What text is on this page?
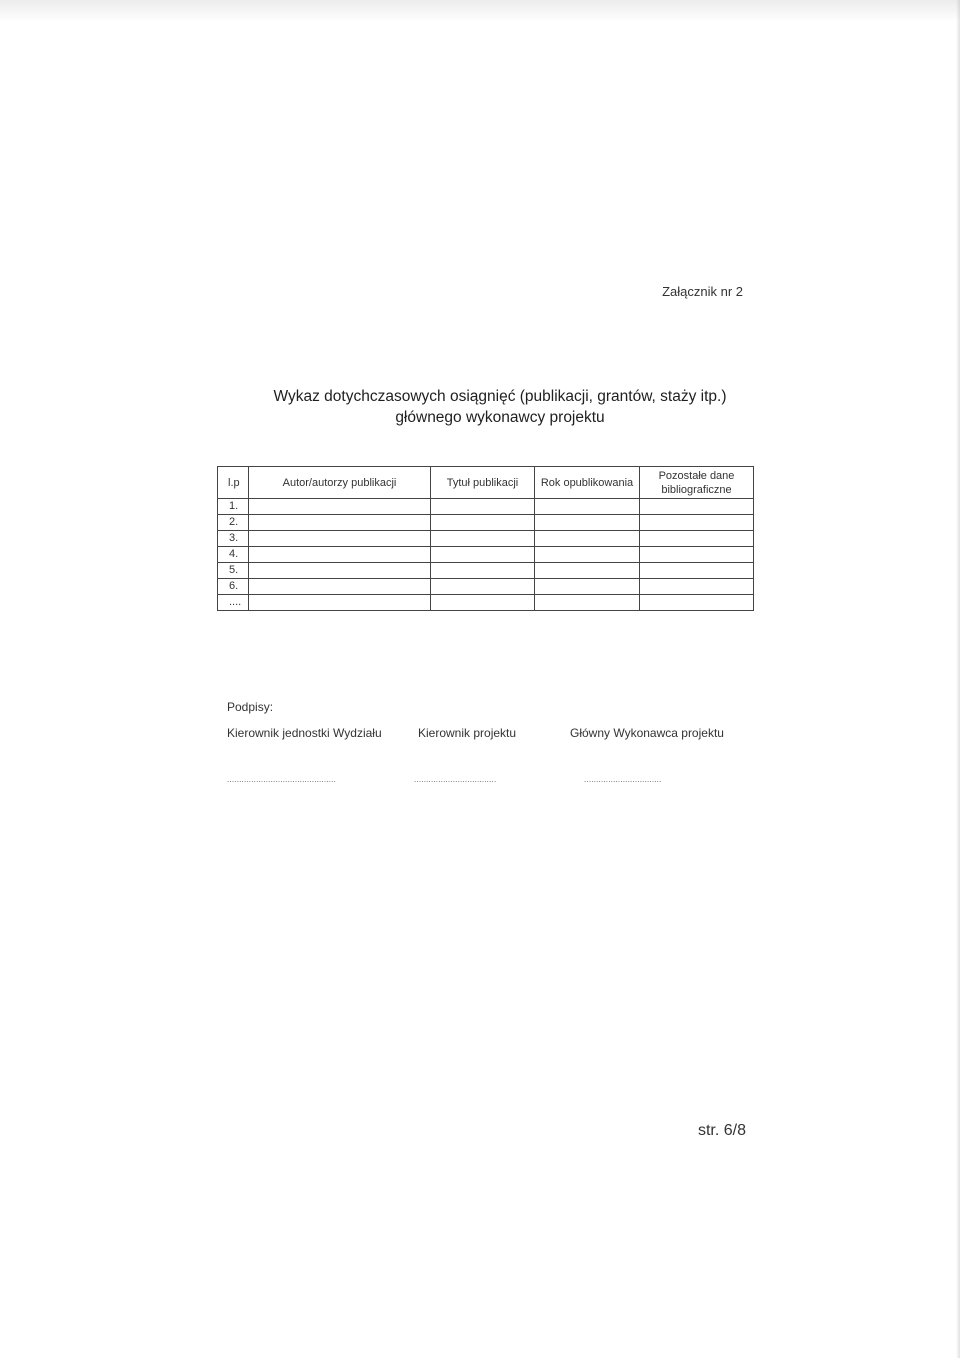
Załącznik nr 2
Wykaz dotychczasowych osiągnięć (publikacji, grantów, staży itp.)
głównego wykonawcy projektu
l.p	Autor/autorzy publikacji	Tytuł publikacji	Rok opublikowania	Pozostałe dane bibliograficzne
1.				
2.				
3.				
4.				
5.				
6.				
....				
Podpisy:
Kierownik jednostki Wydziału	Kierownik projektu	Główny Wykonawca projektu
.............................................	..................................	................................
str. 6/8
